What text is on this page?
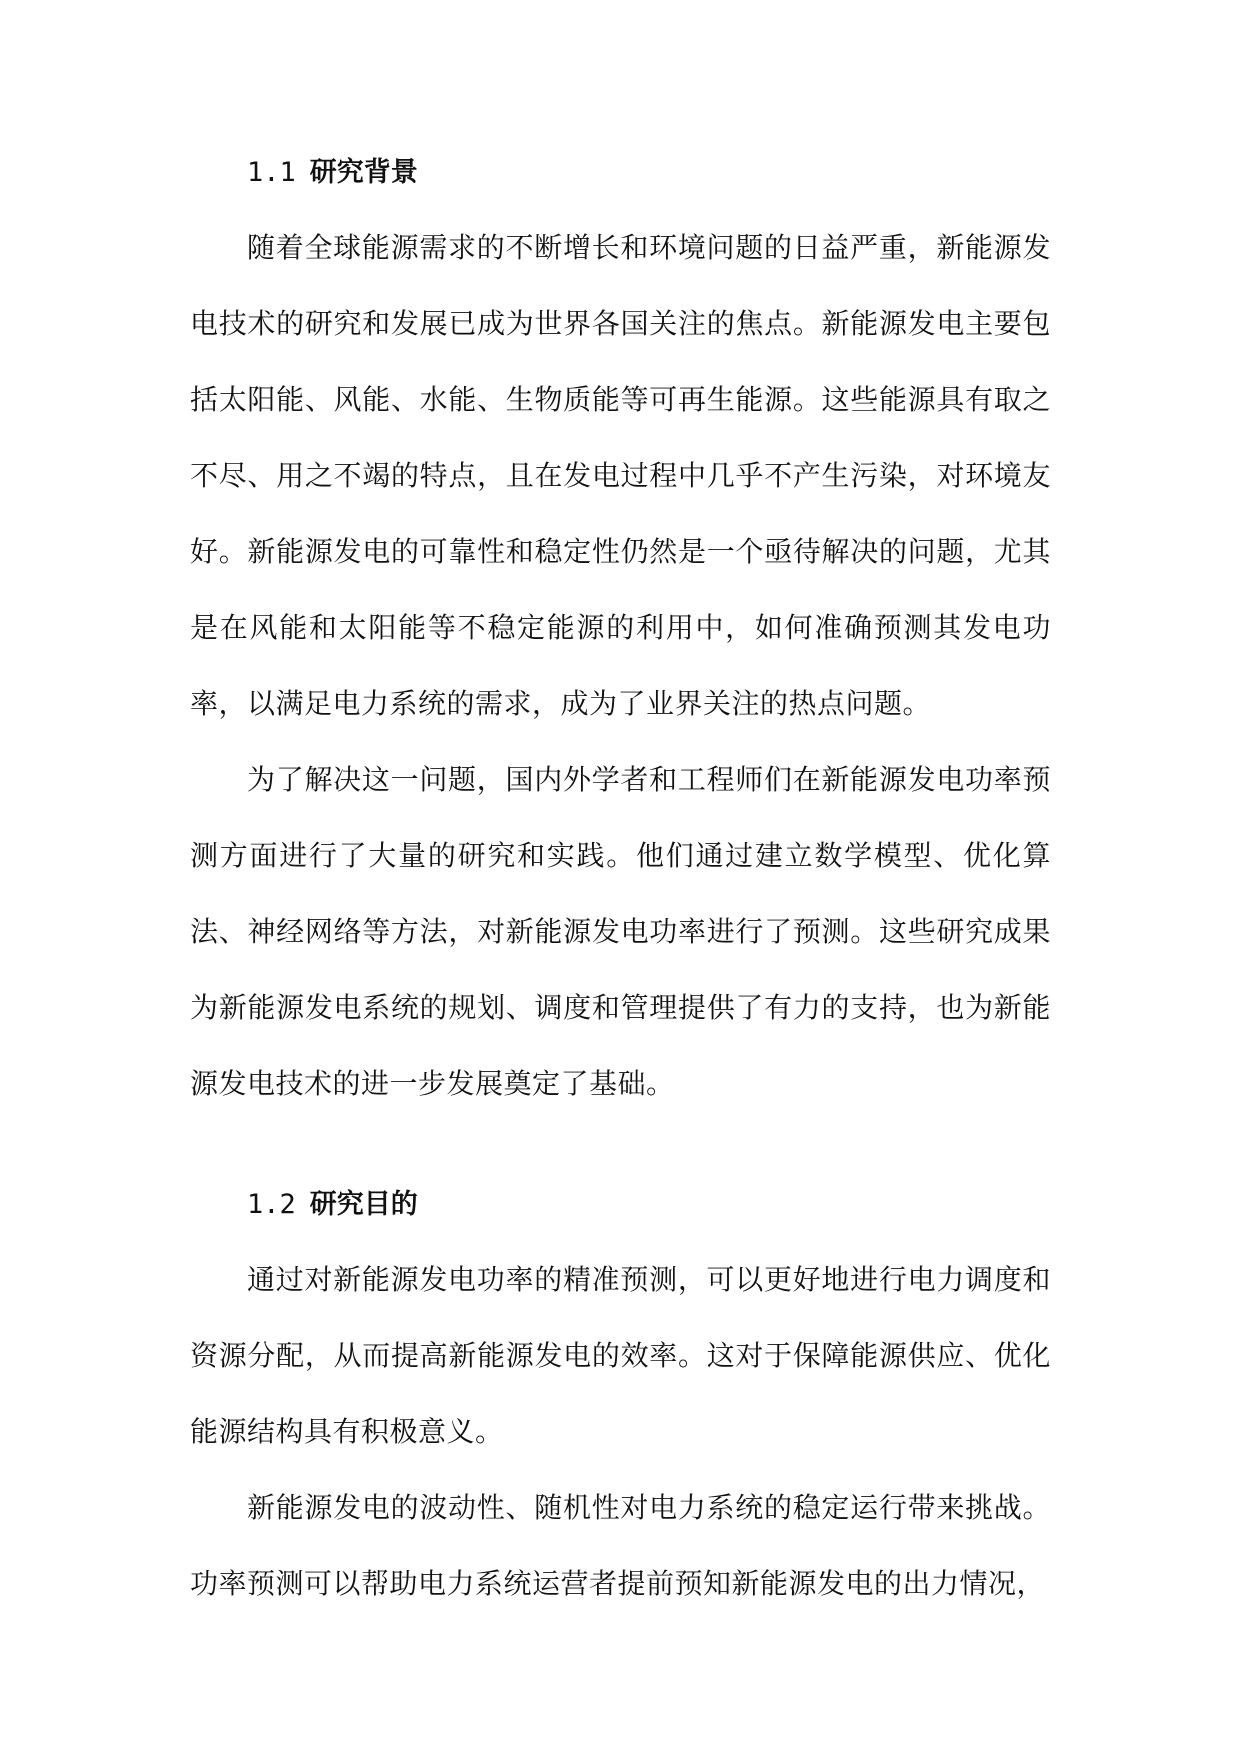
1.1 研究背景

随着全球能源需求的不断增长和环境问题的日益严重，新能源发电技术的研究和发展已成为世界各国关注的焦点。新能源发电主要包括太阳能、风能、水能、生物质能等可再生能源。这些能源具有取之不尽、用之不竭的特点，且在发电过程中几乎不产生污染，对环境友好。新能源发电的可靠性和稳定性仍然是一个亟待解决的问题，尤其是在风能和太阳能等不稳定能源的利用中，如何准确预测其发电功率，以满足电力系统的需求，成为了业界关注的热点问题。

为了解决这一问题，国内外学者和工程师们在新能源发电功率预测方面进行了大量的研究和实践。他们通过建立数学模型、优化算法、神经网络等方法，对新能源发电功率进行了预测。这些研究成果为新能源发电系统的规划、调度和管理提供了有力的支持，也为新能源发电技术的进一步发展奠定了基础。

1.2 研究目的

通过对新能源发电功率的精准预测，可以更好地进行电力调度和资源分配，从而提高新能源发电的效率。这对于保障能源供应、优化能源结构具有积极意义。

新能源发电的波动性、随机性对电力系统的稳定运行带来挑战。功率预测可以帮助电力系统运营者提前预知新能源发电的出力情况，
